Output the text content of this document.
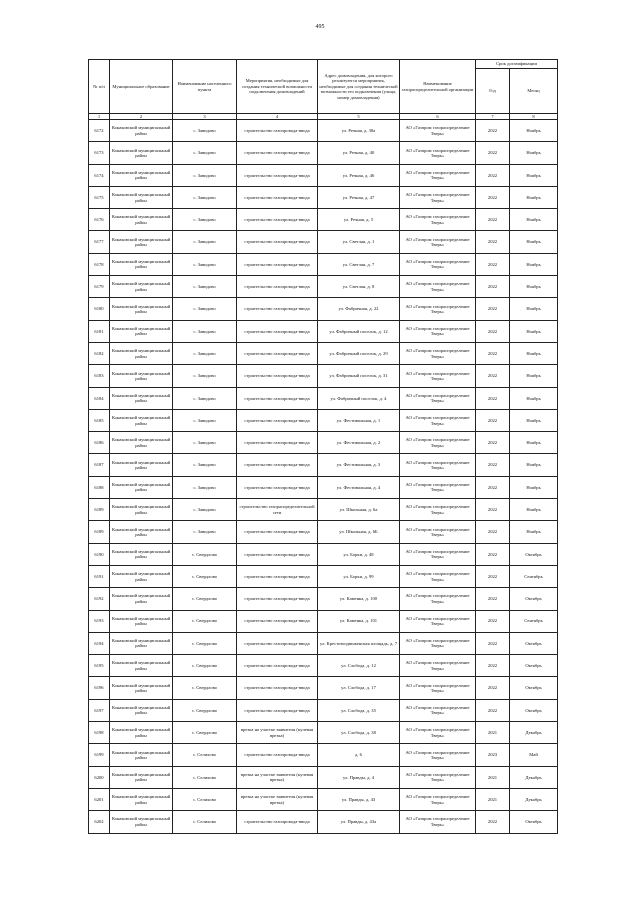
495
№ п/п	Муниципальное образование	Наименование населенного пункта	Мероприятия, необходимые для создания технической возможности подключения домовладений	Адрес домовладения, для которого реализуются мероприятия, необходимые для создания технической возможности его подключения (улица, номер домовладения)	Наименование газораспределительной организации	Срок догазификации	
						Год	Месяц
1	2	3	4	5	6	7	8
6172	Конаковский муниципальный район	с. Завидово	строительство газопровода-ввода	ул. Речная, д. 38а	АО «Газпром газораспределение Тверь»	2022	Ноябрь
6173	Конаковский муниципальный район	с. Завидово	строительство газопровода-ввода	ул. Речная, д. 40	АО «Газпром газораспределение Тверь»	2022	Ноябрь
6174	Конаковский муниципальный район	с. Завидово	строительство газопровода-ввода	ул. Речная, д. 46	АО «Газпром газораспределение Тверь»	2022	Ноябрь
6175	Конаковский муниципальный район	с. Завидово	строительство газопровода-ввода	ул. Речная, д. 47	АО «Газпром газораспределение Тверь»	2022	Ноябрь
6176	Конаковский муниципальный район	с. Завидово	строительство газопровода-ввода	ул. Речная, д. 5	АО «Газпром газораспределение Тверь»	2022	Ноябрь
6177	Конаковский муниципальный район	с. Завидово	строительство газопровода-ввода	ул. Светлая, д. 1	АО «Газпром газораспределение Тверь»	2022	Ноябрь
6178	Конаковский муниципальный район	с. Завидово	строительство газопровода-ввода	ул. Светлая, д. 7	АО «Газпром газораспределение Тверь»	2022	Ноябрь
6179	Конаковский муниципальный район	с. Завидово	строительство газопровода-ввода	ул. Светлая, д. 8	АО «Газпром газораспределение Тверь»	2022	Ноябрь
6180	Конаковский муниципальный район	с. Завидово	строительство газопровода-ввода	ул. Фабричная, д. 22	АО «Газпром газораспределение Тверь»	2022	Ноябрь
6181	Конаковский муниципальный район	с. Завидово	строительство газопровода-ввода	ул. Фабричный поселок, д. 12	АО «Газпром газораспределение Тверь»	2022	Ноябрь
6182	Конаковский муниципальный район	с. Завидово	строительство газопровода-ввода	ул. Фабричный поселок, д. 29	АО «Газпром газораспределение Тверь»	2022	Ноябрь
6183	Конаковский муниципальный район	с. Завидово	строительство газопровода-ввода	ул. Фабричный поселок, д. 31	АО «Газпром газораспределение Тверь»	2022	Ноябрь
6184	Конаковский муниципальный район	с. Завидово	строительство газопровода-ввода	ул. Фабричный поселок, д. 4	АО «Газпром газораспределение Тверь»	2022	Ноябрь
6185	Конаковский муниципальный район	с. Завидово	строительство газопровода-ввода	ул. Фестивальная, д. 1	АО «Газпром газораспределение Тверь»	2022	Ноябрь
6186	Конаковский муниципальный район	с. Завидово	строительство газопровода-ввода	ул. Фестивальная, д. 2	АО «Газпром газораспределение Тверь»	2022	Ноябрь
6187	Конаковский муниципальный район	с. Завидово	строительство газопровода-ввода	ул. Фестивальная, д. 3	АО «Газпром газораспределение Тверь»	2022	Ноябрь
6188	Конаковский муниципальный район	с. Завидово	строительство газопровода-ввода	ул. Фестивальная, д. 4	АО «Газпром газораспределение Тверь»	2022	Ноябрь
6189	Конаковский муниципальный район	с. Завидово	строительство газораспределительной сети	ул. Школьная, д. 6а	АО «Газпром газораспределение Тверь»	2022	Ноябрь
6189	Конаковский муниципальный район	с. Завидово	строительство газопровода-ввода	ул. Школьная, д. 6Б	АО «Газпром газораспределение Тверь»	2022	Ноябрь
6190	Конаковский муниципальный район	с. Свердлово	строительство газопровода-ввода	ул. Борки, д. 48	АО «Газпром газораспределение Тверь»	2022	Октябрь
6191	Конаковский муниципальный район	с. Свердлово	строительство газопровода-ввода	ул. Борки, д. 99	АО «Газпром газораспределение Тверь»	2022	Сентябрь
6192	Конаковский муниципальный район	с. Свердлово	строительство газопровода-ввода	ул. Каменка, д. 100	АО «Газпром газораспределение Тверь»	2022	Октябрь
6193	Конаковский муниципальный район	с. Свердлово	строительство газопровода-ввода	ул. Каменка, д. 101	АО «Газпром газораспределение Тверь»	2022	Сентябрь
6194	Конаковский муниципальный район	с. Свердлово	строительство газопровода-ввода	ул. Крестовоздвиженская площадь, д. 7	АО «Газпром газораспределение Тверь»	2022	Октябрь
6195	Конаковский муниципальный район	с. Свердлово	строительство газопровода-ввода	ул. Слобода, д. 12	АО «Газпром газораспределение Тверь»	2022	Октябрь
6196	Конаковский муниципальный район	с. Свердлово	строительство газопровода-ввода	ул. Слобода, д. 17	АО «Газпром газораспределение Тверь»	2022	Октябрь
6197	Конаковский муниципальный район	с. Свердлово	строительство газопровода-ввода	ул. Слобода, д. 35	АО «Газпром газораспределение Тверь»	2022	Октябрь
6198	Конаковский муниципальный район	с. Свердлово	врезка на участке заявителя (нулевая врезка)	ул. Слобода, д. 38	АО «Газпром газораспределение Тверь»	2021	Декабрь
6199	Конаковский муниципальный район	с. Селихово	строительство газопровода-ввода	д. 6	АО «Газпром газораспределение Тверь»	2023	Май
6200	Конаковский муниципальный район	с. Селихово	врезка на участке заявителя (нулевая врезка)	ул. Правды, д. 4	АО «Газпром газораспределение Тверь»	2021	Декабрь
6201	Конаковский муниципальный район	с. Селихово	врезка на участке заявителя (нулевая врезка)	ул. Правды, д. 43	АО «Газпром газораспределение Тверь»	2021	Декабрь
6202	Конаковский муниципальный район	с. Селихово	строительство газопровода-ввода	ул. Правды, д. 43а	АО «Газпром газораспределение Тверь»	2022	Октябрь
